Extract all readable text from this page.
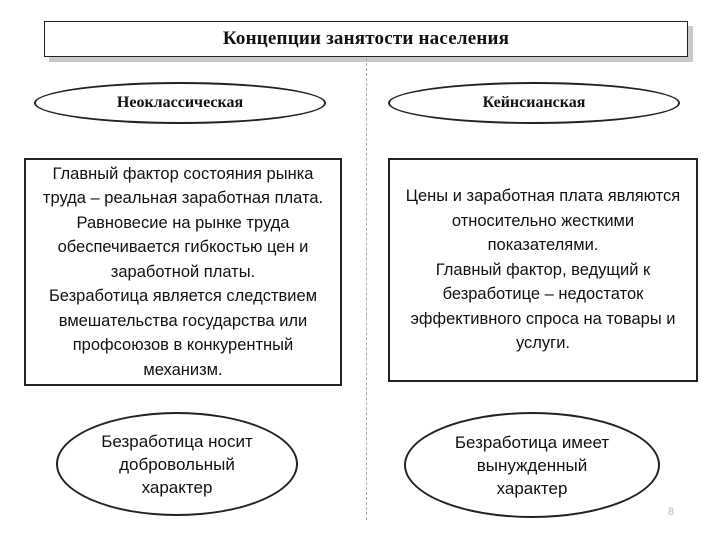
Концепции занятости населения
Неоклассическая	Кейнсианская
Главный фактор состояния рынка труда – реальная заработная плата.
Равновесие на рынке труда обеспечивается гибкостью цен и заработной платы.
Безработица является следствием вмешательства государства или профсоюзов в конкурентный механизм.
Цены и заработная плата являются относительно жесткими показателями.
Главный фактор, ведущий к безработице – недостаток эффективного спроса на товары и услуги.
Безработица носит
добровольный
характер
Безработица имеет
вынужденный
характер
8
